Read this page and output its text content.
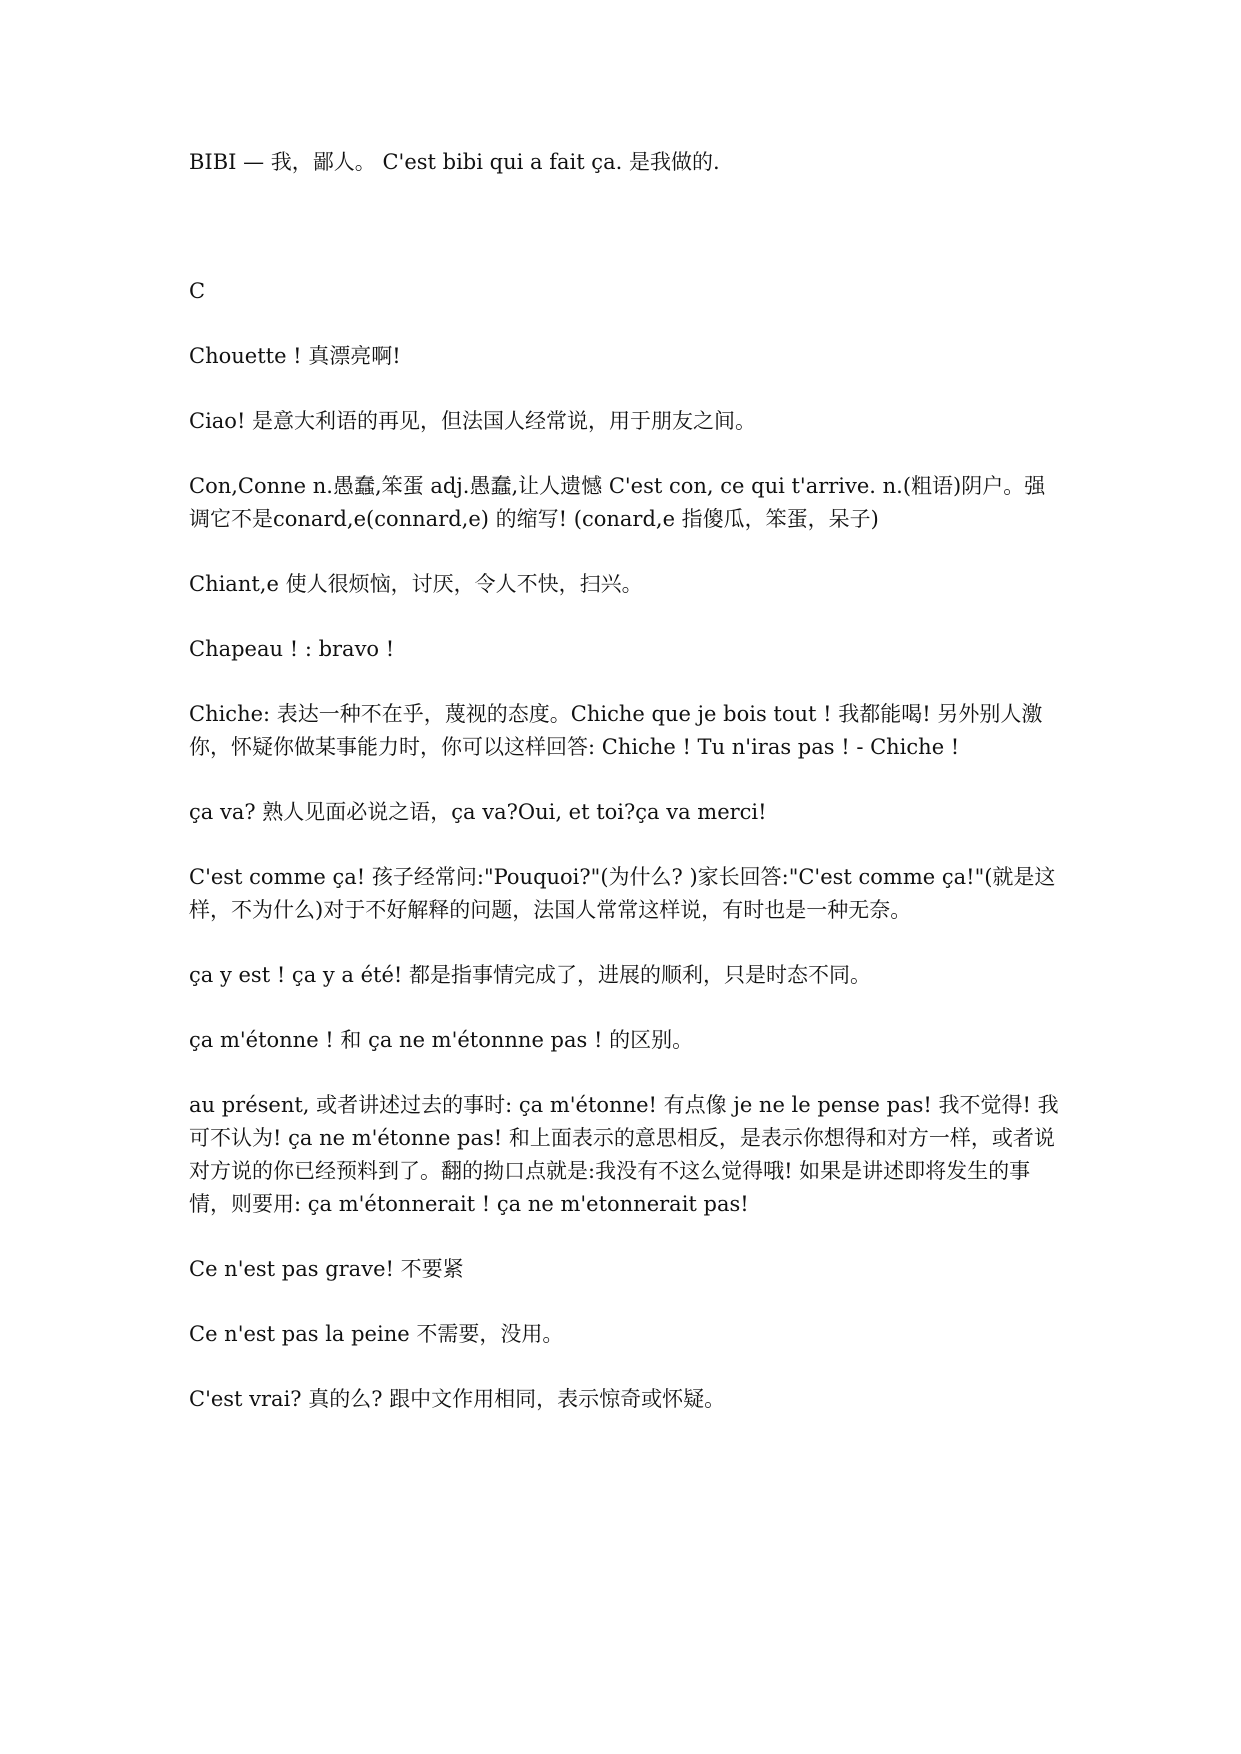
BIBI — 我，鄙人。 C'est bibi qui a fait ça. 是我做的.

C

Chouette ! 真漂亮啊!

Ciao! 是意大利语的再见，但法国人经常说，用于朋友之间。

Con,Conne n.愚蠢,笨蛋 adj.愚蠢,让人遗憾 C'est con, ce qui t'arrive. n.(粗语)阴户。强调它不是conard,e(connard,e) 的缩写! (conard,e 指傻瓜，笨蛋，呆子)

Chiant,e 使人很烦恼，讨厌，令人不快，扫兴。

Chapeau ! : bravo !

Chiche: 表达一种不在乎，蔑视的态度。Chiche que je bois tout ! 我都能喝! 另外别人激你，怀疑你做某事能力时，你可以这样回答: Chiche ! Tu n'iras pas ! - Chiche !

ça va? 熟人见面必说之语，ça va?Oui, et toi?ça va merci!

C'est comme ça! 孩子经常问:"Pouquoi?"(为什么? )家长回答:"C'est comme ça!"(就是这样，不为什么)对于不好解释的问题，法国人常常这样说，有时也是一种无奈。

ça y est ! ça y a été! 都是指事情完成了，进展的顺利，只是时态不同。

ça m'étonne ! 和 ça ne m'étonnne pas ! 的区别。

au présent, 或者讲述过去的事时: ça m'étonne! 有点像 je ne le pense pas! 我不觉得! 我可不认为! ça ne m'étonne pas! 和上面表示的意思相反，是表示你想得和对方一样，或者说对方说的你已经预料到了。翻的拗口点就是:我没有不这么觉得哦! 如果是讲述即将发生的事情，则要用: ça m'étonnerait ! ça ne m'etonnerait pas!

Ce n'est pas grave! 不要紧

Ce n'est pas la peine 不需要，没用。

C'est vrai? 真的么? 跟中文作用相同，表示惊奇或怀疑。
